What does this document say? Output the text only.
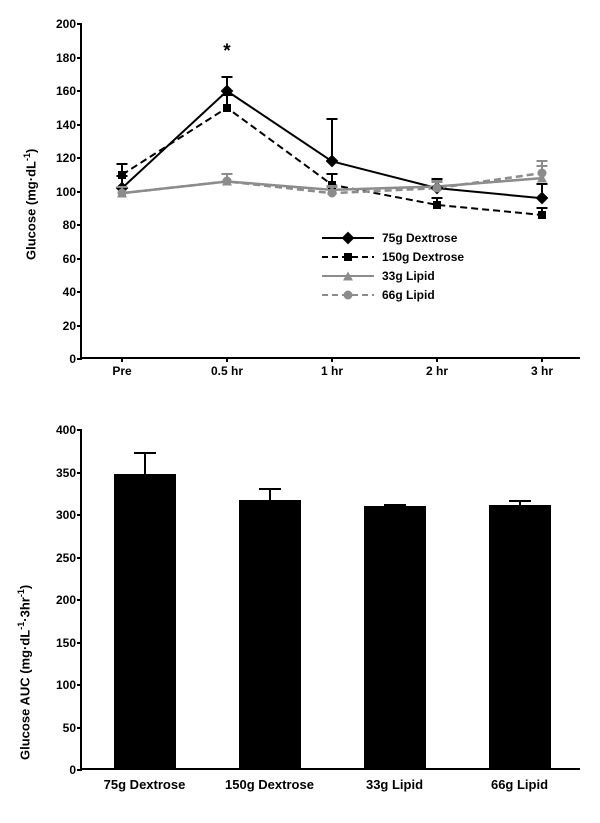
Glucose $(mg\cdot dL^{-1})$
0
20
40
60
80
100
120
140
160
180
200
Pre	0.5 hr	1 hr	2 hr	3 hr
*
75g Dextrose
150g Dextrose
33g Lipid
66g Lipid
Glucose AUC $(mg\cdot dL^{-1}\cdot 3hr^{-1})$
0
50
100
150
200
250
300
350
400
75g Dextrose	150g Dextrose	33g Lipid	66g Lipid
